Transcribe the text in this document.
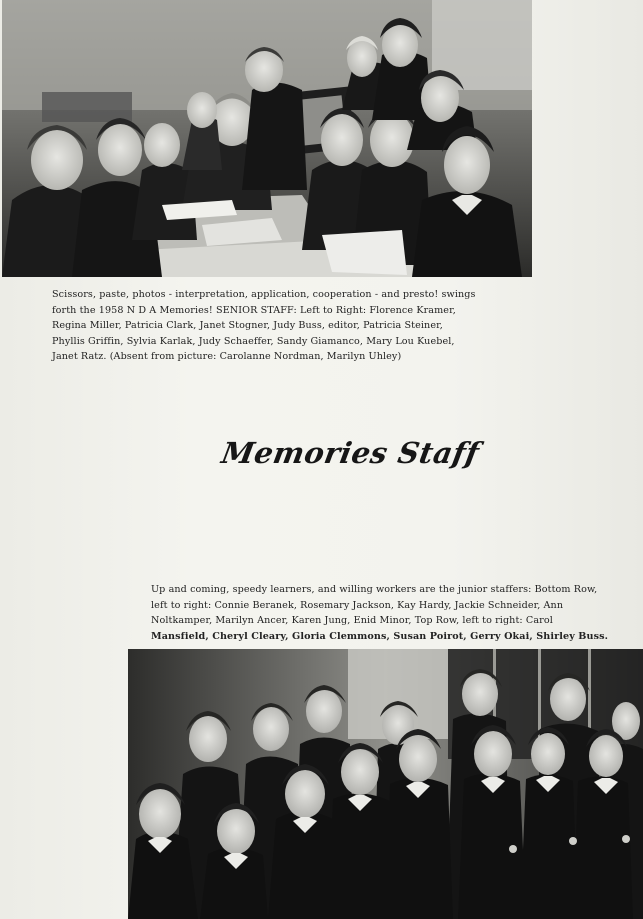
Scissors, paste, photos - interpretation, application, cooperation - and presto! swings
forth the 1958 N D A Memories! SENIOR STAFF: Left to Right: Florence Kramer,
Regina Miller, Patricia Clark, Janet Stogner, Judy Buss, editor, Patricia Steiner,
Phyllis Griffin, Sylvia Karlak, Judy Schaeffer, Sandy Giamanco, Mary Lou Kuebel,
Janet Ratz. (Absent from picture: Carolanne Nordman, Marilyn Uhley)
Memories Staff
Up and coming, speedy learners, and willing workers are the junior staffers: Bottom Row,
left to right: Connie Beranek, Rosemary Jackson, Kay Hardy, Jackie Schneider, Ann
Noltkamper, Marilyn Ancer, Karen Jung, Enid Minor, Top Row, left to right: Carol
Mansfield, Cheryl Cleary, Gloria Clemmons, Susan Poirot, Gerry Okai, Shirley Buss.
